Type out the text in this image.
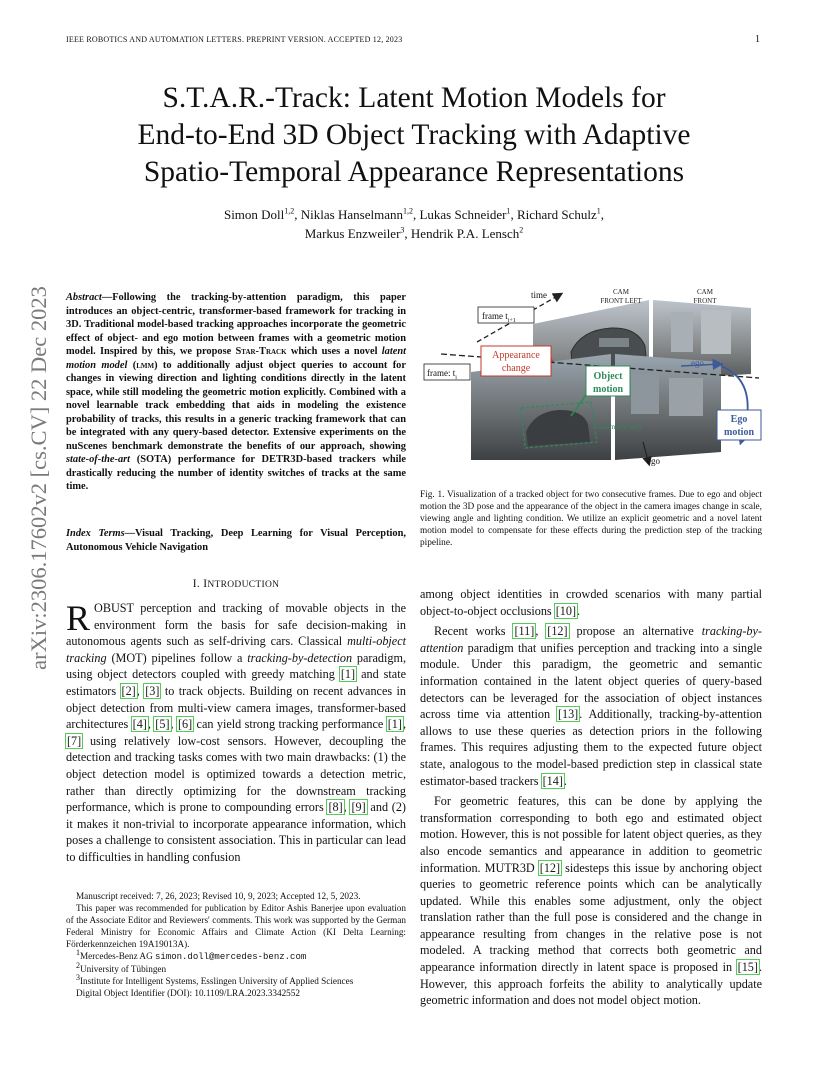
IEEE ROBOTICS AND AUTOMATION LETTERS. PREPRINT VERSION. ACCEPTED 12, 2023	1
arXiv:2306.17602v2 [cs.CV] 22 Dec 2023
S.T.A.R.-Track: Latent Motion Models for
End-to-End 3D Object Tracking with Adaptive
Spatio-Temporal Appearance Representations
Simon Doll$^{1,2}$, Niklas Hanselmann$^{1,2}$, Lukas Schneider$^1$, Richard Schulz$^1$,
Markus Enzweiler$^3$, Hendrik P.A. Lensch$^2$
Abstract—Following the tracking-by-attention paradigm, this paper introduces an object-centric, transformer-based framework for tracking in 3D. Traditional model-based tracking approaches incorporate the geometric effect of object- and ego motion between frames with a geometric motion model. Inspired by this, we propose Star-Track which uses a novel latent motion model (lmm) to additionally adjust object queries to account for changes in viewing direction and lighting conditions directly in the latent space, while still modeling the geometric motion explicitly. Combined with a novel learnable track embedding that aids in modeling the existence probability of tracks, this results in a generic tracking framework that can be integrated with any query-based detector. Extensive experiments on the nuScenes benchmark demonstrate the benefits of our approach, showing state-of-the-art (SOTA) performance for DETR3D-based trackers while drastically reducing the number of identity switches of tracks at the same time.
Index Terms—Visual Tracking, Deep Learning for Visual Perception, Autonomous Vehicle Navigation
I. INTRODUCTION

ROBUST perception and tracking of movable objects in the environment form the basis for safe decision-making in autonomous agents such as self-driving cars. Classical multi-object tracking (MOT) pipelines follow a tracking-by-detection paradigm, using object detectors coupled with greedy matching [1] and state estimators [2], [3] to track objects. Building on recent advances in object detection from multi-view camera images, transformer-based architectures [4], [5], [6] can yield strong tracking performance [1], [7] using relatively low-cost sensors. However, decoupling the detection and tracking tasks comes with two main drawbacks: (1) the object detection model is optimized towards a detection metric, rather than directly optimizing for the downstream tracking performance, which is prone to compounding errors [8], [9] and (2) it makes it non-trivial to incorporate appearance information, which poses a challenge to consistent association. This in particular can lead to difficulties in handling confusion

Manuscript received: 7, 26, 2023; Revised 10, 9, 2023; Accepted 12, 5, 2023.

This paper was recommended for publication by Editor Ashis Banerjee upon evaluation of the Associate Editor and Reviewers' comments. This work was supported by the German Federal Ministry for Economic Affairs and Climate Action (KI Delta Learning: Förderkennzeichen 19A19013A).

$^1$Mercedes-Benz AG simon.doll@mercedes-benz.com

$^2$University of Tübingen

$^3$Institute for Intelligent Systems, Esslingen University of Applied Sciences

Digital Object Identifier (DOI): 10.1109/LRA.2023.3342552

time	CAM
FRONT LEFT
CAM
FRONT
frame $t_{i+1}$
frame: $t_i$
Appearance
change
Object
motion
Geometry only
ego
Ego
motion
ego
Fig. 1. Visualization of a tracked object for two consecutive frames. Due to ego and object motion the 3D pose and the appearance of the object in the camera images change in scale, viewing angle and lighting condition. We utilize an explicit geometric and a novel latent motion model to compensate for these effects during the prediction step of the tracking pipeline.

among object identities in crowded scenarios with many partial object-to-object occlusions [10].

Recent works [11], [12] propose an alternative tracking-by-attention paradigm that unifies perception and tracking into a single module. Under this paradigm, the geometric and semantic information contained in the latent object queries of query-based detectors can be leveraged for the association of object instances across time via attention [13]. Additionally, tracking-by-attention allows to use these queries as detection priors in the following frames. This requires adjusting them to the expected future object state, analogous to the model-based prediction step in classical state estimator-based trackers [14].

For geometric features, this can be done by applying the transformation corresponding to both ego and estimated object motion. However, this is not possible for latent object queries, as they also encode semantics and appearance in addition to geometric information. MUTR3D [12] sidesteps this issue by anchoring object queries to geometric reference points which can be analytically updated. While this enables some adjustment, only the object translation rather than the full pose is considered and the change in appearance resulting from changes in the relative pose is not modeled. A tracking method that corrects both geometric and appearance information directly in latent space is proposed in [15]. However, this approach forfeits the ability to analytically update geometric information and does not model object motion.
